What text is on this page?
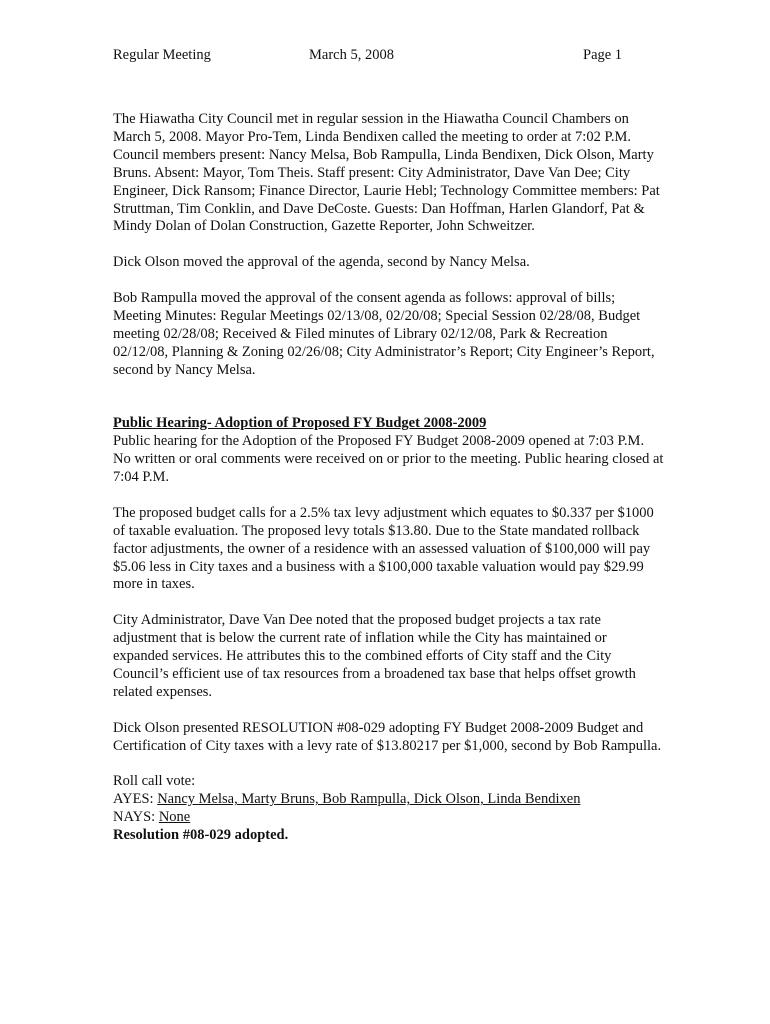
Regular Meeting	March 5, 2008	Page 1

The Hiawatha City Council met in regular session in the Hiawatha Council Chambers on March 5, 2008. Mayor Pro-Tem, Linda Bendixen called the meeting to order at 7:02 P.M. Council members present: Nancy Melsa, Bob Rampulla, Linda Bendixen, Dick Olson, Marty Bruns. Absent: Mayor, Tom Theis. Staff present: City Administrator, Dave Van Dee; City Engineer, Dick Ransom; Finance Director, Laurie Hebl; Technology Committee members: Pat Struttman, Tim Conklin, and Dave DeCoste. Guests: Dan Hoffman, Harlen Glandorf, Pat & Mindy Dolan of Dolan Construction, Gazette Reporter, John Schweitzer.

Dick Olson moved the approval of the agenda, second by Nancy Melsa.

Bob Rampulla moved the approval of the consent agenda as follows: approval of bills; Meeting Minutes: Regular Meetings 02/13/08, 02/20/08; Special Session 02/28/08, Budget meeting 02/28/08; Received & Filed minutes of Library 02/12/08, Park & Recreation 02/12/08, Planning & Zoning 02/26/08; City Administrator’s Report; City Engineer’s Report, second by Nancy Melsa.

Public Hearing- Adoption of Proposed FY Budget 2008-2009

Public hearing for the Adoption of the Proposed FY Budget 2008-2009 opened at 7:03 P.M. No written or oral comments were received on or prior to the meeting. Public hearing closed at 7:04 P.M.

The proposed budget calls for a 2.5% tax levy adjustment which equates to $0.337 per $1000 of taxable evaluation. The proposed levy totals $13.80. Due to the State mandated rollback factor adjustments, the owner of a residence with an assessed valuation of $100,000 will pay $5.06 less in City taxes and a business with a $100,000 taxable valuation would pay $29.99 more in taxes.

City Administrator, Dave Van Dee noted that the proposed budget projects a tax rate adjustment that is below the current rate of inflation while the City has maintained or expanded services. He attributes this to the combined efforts of City staff and the City Council’s efficient use of tax resources from a broadened tax base that helps offset growth related expenses.

Dick Olson presented RESOLUTION #08-029 adopting FY Budget 2008-2009 Budget and Certification of City taxes with a levy rate of $13.80217 per $1,000, second by Bob Rampulla.

Roll call vote:
AYES: Nancy Melsa, Marty Bruns, Bob Rampulla, Dick Olson, Linda Bendixen
NAYS: None
Resolution #08-029 adopted.
